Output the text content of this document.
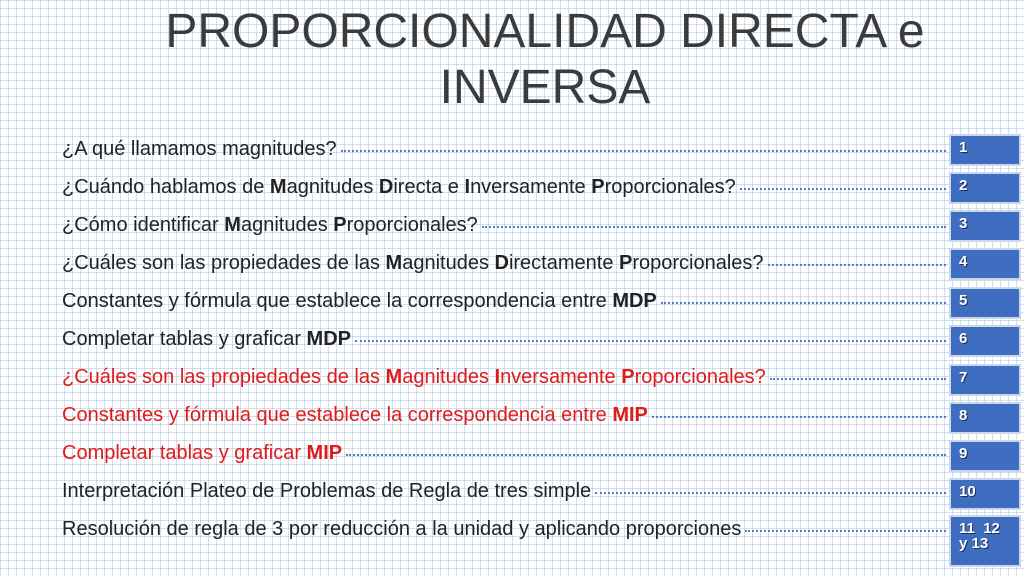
PROPORCIONALIDAD DIRECTA e INVERSA
¿A qué llamamos magnitudes?	1
¿Cuándo hablamos de Magnitudes Directa e Inversamente Proporcionales?	2
¿Cómo identificar Magnitudes Proporcionales?	3
¿Cuáles son las propiedades de las Magnitudes Directamente Proporcionales?	4
Constantes y fórmula que establece la correspondencia entre MDP	5
Completar tablas y graficar MDP	6
¿Cuáles son las propiedades de las Magnitudes Inversamente Proporcionales?	7
Constantes y fórmula que establece la correspondencia entre MIP	8
Completar tablas y graficar MIP	9
Interpretación Plateo de Problemas de Regla de tres simple	10
Resolución de regla de 3 por reducción a la unidad y aplicando proporciones	11  12
y 13
